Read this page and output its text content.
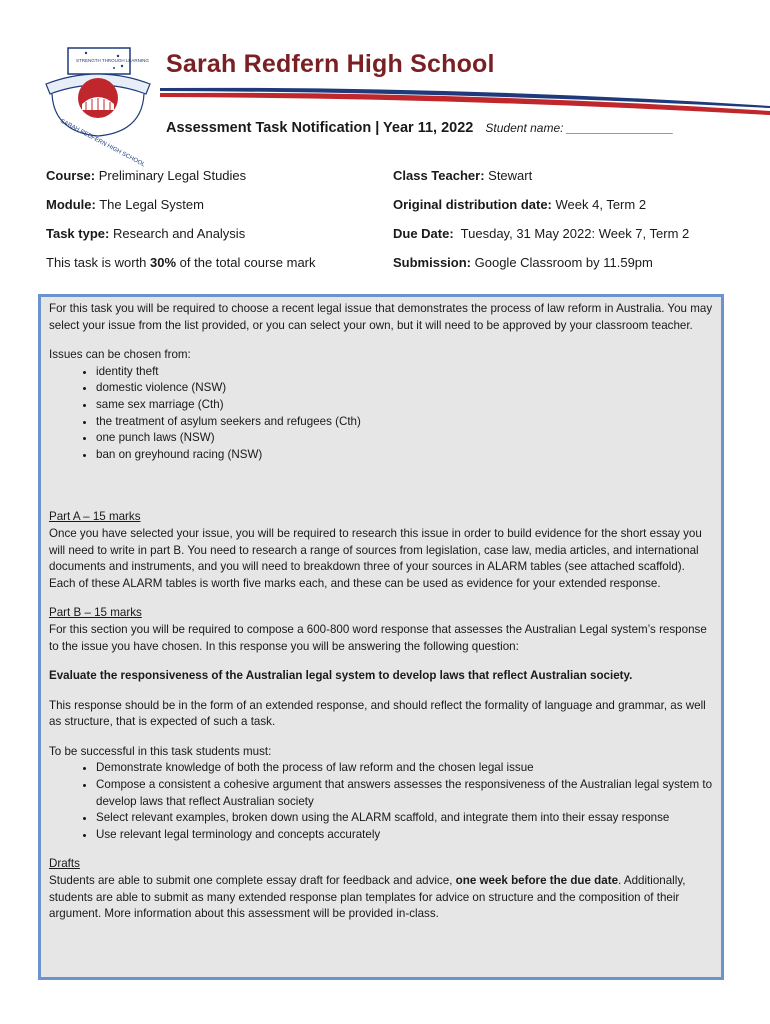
STRENGTH THROUGH LEARNING
SARAH REDFERN HIGH SCHOOL
Sarah Redfern High School
Assessment Task Notification | Year 11, 2022 Student name: ________________
Course: Preliminary Legal Studies	Class Teacher: Stewart
Module: The Legal System	Original distribution date: Week 4, Term 2
Task type: Research and Analysis	Due Date:  Tuesday, 31 May 2022: Week 7, Term 2
This task is worth 30% of the total course mark	Submission: Google Classroom by 11.59pm

For this task you will be required to choose a recent legal issue that demonstrates the process of law reform in Australia. You may select your issue from the list provided, or you can select your own, but it will need to be approved by your classroom teacher.

Issues can be chosen from:
• identity theft
• domestic violence (NSW)
• same sex marriage (Cth)
• the treatment of asylum seekers and refugees (Cth)
• one punch laws (NSW)
• ban on greyhound racing (NSW)
Part A – 15 marks

Once you have selected your issue, you will be required to research this issue in order to build evidence for the short essay you will need to write in part B. You need to research a range of sources from legislation, case law, media articles, and international documents and instruments, and you will need to breakdown three of your sources in ALARM tables (see attached scaffold). Each of these ALARM tables is worth five marks each, and these can be used as evidence for your extended response.

Part B – 15 marks

For this section you will be required to compose a 600-800 word response that assesses the Australian Legal system’s response to the issue you have chosen. In this response you will be answering the following question:

Evaluate the responsiveness of the Australian legal system to develop laws that reflect Australian society.

This response should be in the form of an extended response, and should reflect the formality of language and grammar, as well as structure, that is expected of such a task.

To be successful in this task students must:
• Demonstrate knowledge of both the process of law reform and the chosen legal issue
• Compose a consistent a cohesive argument that answers assesses the responsiveness of the Australian legal system to develop laws that reflect Australian society
• Select relevant examples, broken down using the ALARM scaffold, and integrate them into their essay response
• Use relevant legal terminology and concepts accurately
Drafts

Students are able to submit one complete essay draft for feedback and advice, one week before the due date. Additionally, students are able to submit as many extended response plan templates for advice on structure and the composition of their argument. More information about this assessment will be provided in-class.
